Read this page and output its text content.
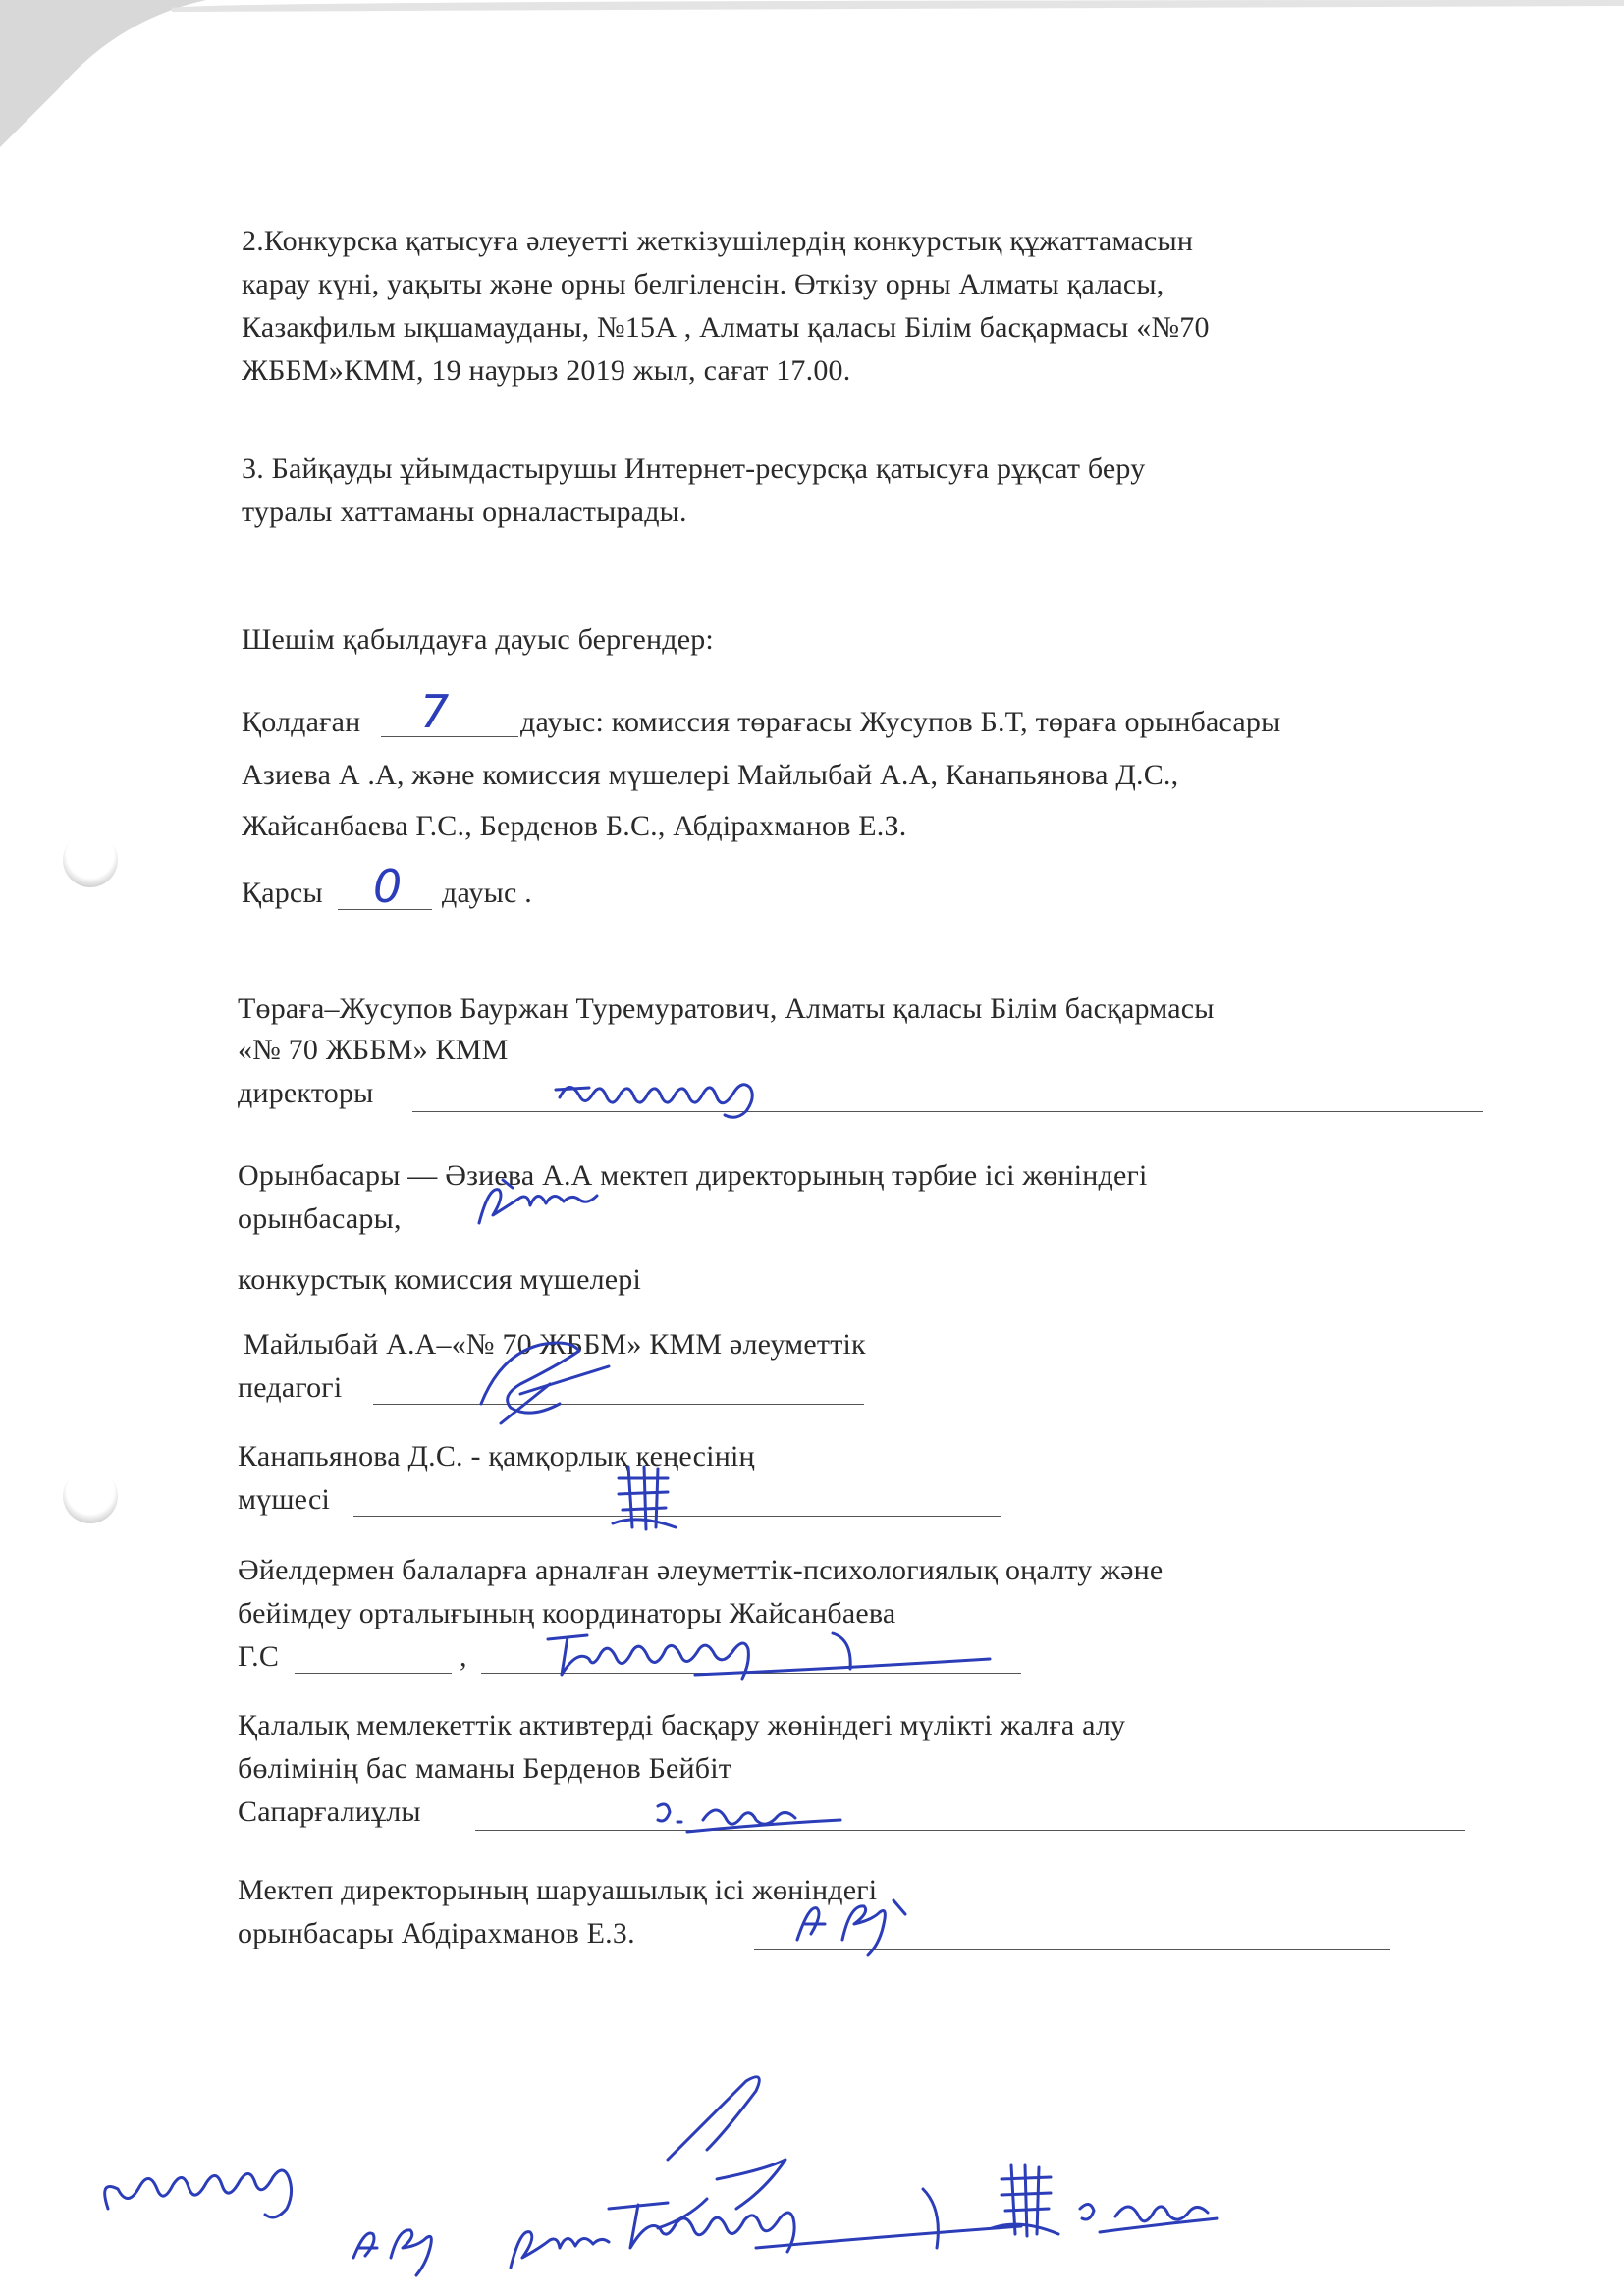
2.Конкурска қатысуға әлеуетті жеткізушілердің конкурстық құжаттамасын
карау күні, уақыты және орны белгіленсін. Өткізу орны Алматы қаласы,
Казакфильм ықшамауданы, №15А , Алматы қаласы Білім басқармасы «№70
ЖББМ»КММ, 19 наурыз 2019 жыл, сағат 17.00.
3. Байқауды ұйымдастырушы Интернет-ресурсқа қатысуға рұқсат беру
туралы хаттаманы орналастырады.
Шешім қабылдауға дауыс бергендер:
Қолдаған 7 дауыс: комиссия төрағасы Жусупов Б.Т, төраға орынбасары
Азиева А .А, және комиссия мүшелері Майлыбай А.А, Канапьянова Д.С.,
Жайсанбаева Г.С., Берденов Б.С., Абдірахманов Е.З.
Қарсы 0 дауыс .
Төраға–Жусупов Бауржан Туремуратович, Алматы қаласы Білім басқармасы
«№ 70 ЖББМ» КММ
директоры
Орынбасары — Әзиева А.А мектеп директорының тәрбие ісі жөніндегі
орынбасары,
конкурстық комиссия мүшелері
Майлыбай А.А–«№ 70 ЖББМ» КММ әлеуметтік
педагогі
Канапьянова Д.С. - қамқорлық кеңесінің
мүшесі
Әйелдермен балаларға арналған әлеуметтік-психологиялық оңалту және
бейімдеу орталығының координаторы Жайсанбаева
Г.С	,
Қалалық мемлекеттік активтерді басқару жөніндегі мүлікті жалға алу
бөлімінің бас маманы Берденов Бейбіт
Сапарғалиұлы
Мектеп директорының шаруашылық ісі жөніндегі
орынбасары Абдірахманов Е.З.
